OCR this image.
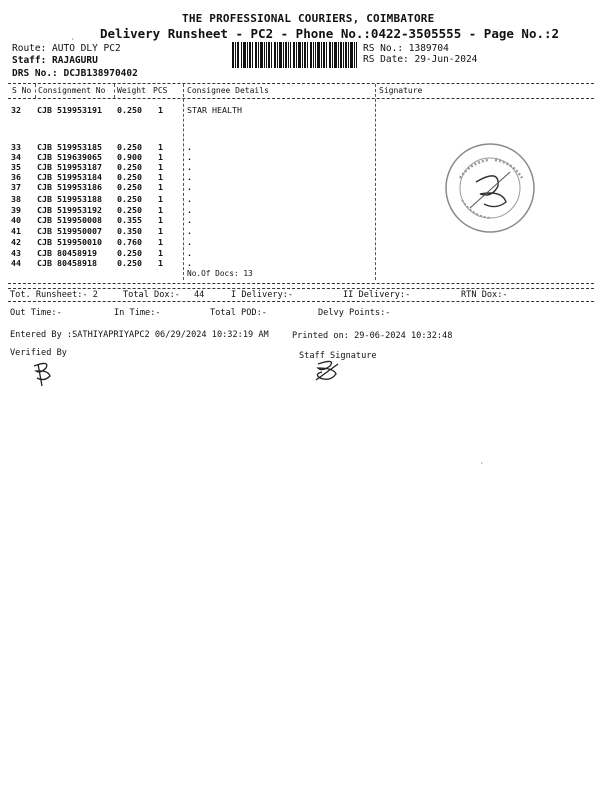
THE PROFESSIONAL COURIERS, COIMBATORE
Delivery Runsheet - PC2 - Phone No.:0422-3505555 - Page No.:2
Route: AUTO DLY PC2
Staff: RAJAGURU
DRS No.: DCJB138970402
RS No.: 1389704
RS Date: 29-Jun-2024
S No Consignment No Weight PCS Consignee Details	Signature
32 CJB 519953191 0.250 1	STAR HEALTH
33 CJB 519953185 0.250 1	.
34 CJB 519639065 0.900 1	.
35 CJB 519953187 0.250 1	.
36 CJB 519953184 0.250 1	.
37 CJB 519953186 0.250 1	.
38 CJB 519953188 0.250 1	.
39 CJB 519953192 0.250 1	.
40 CJB 519950008 0.355 1	.
41 CJB 519950007 0.350 1	.
42 CJB 519950010 0.760 1	.
43 CJB 80458919 0.250 1	.
44 CJB 80458918 0.250 1	.
No.Of Docs: 13
Tot. Runsheet:- 2	Total Dox:- 44	I Delivery:-	II Delivery:-	RTN Dox:-
Out Time:-	In Time:-	Total POD:-	Delvy Points:-
Entered By :SATHIYAPRIYAPC2 06/29/2024 10:32:19 AM	Printed on: 29-06-2024 10:32:48
Verified By	Staff Signature
·
·
